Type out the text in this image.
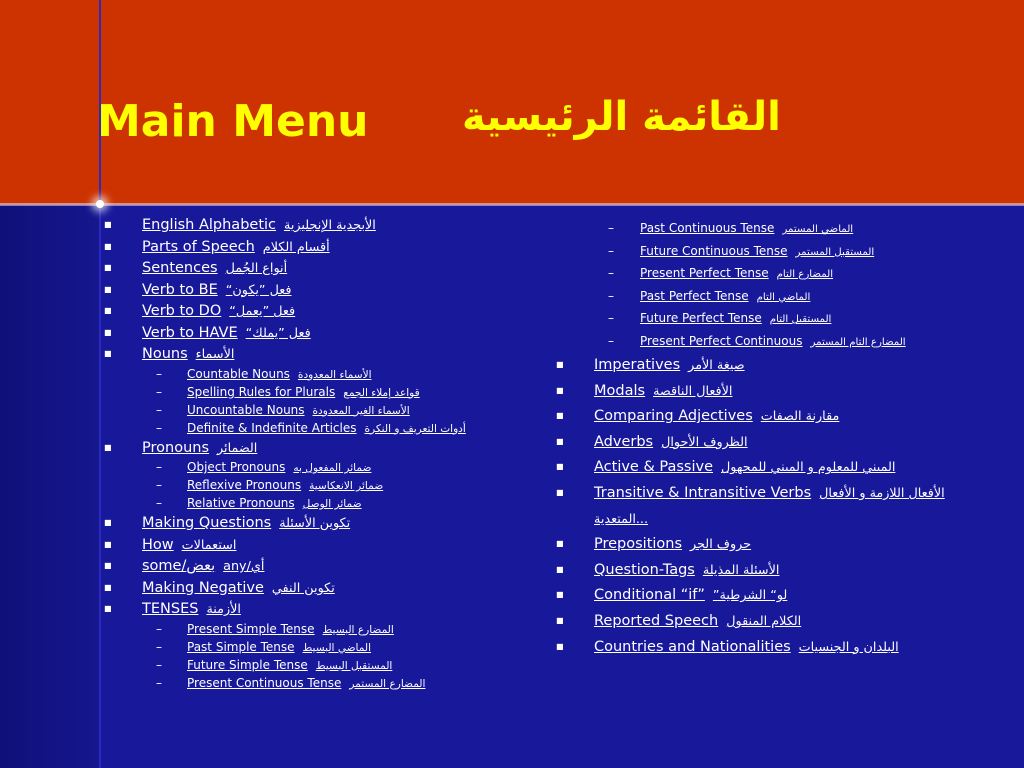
Main Menu القائمة الرئيسية
■ English Alphabetic الأبجدية الإنجليزية
■ Parts of Speech أقسام الكلام
■ Sentences أنواع الجُمل
■ Verb to BE “فعل ”يكون
■ Verb to DO “فعل ”يعمل
■ Verb to HAVE “فعل ”يملك
■ Nouns الأسماء
– Countable Nouns الأسماء المعدودة
– Spelling Rules for Plurals قواعد إملاء الجمع
– Uncountable Nouns الأسماء الغير المعدودة
– Definite & Indefinite Articles أدوات التعريف و النكرة
■ Pronouns الضمائر
– Object Pronouns ضمائر المفعول به
– Reflexive Pronouns ضمائر الانعكاسية
– Relative Pronouns ضمائر الوصل
■ Making Questions تكوين الأسئلة
■ How استعمالات
■ some/بعض any/أي
■ Making Negative تكوين النفي
■ TENSES الأزمنة
– Present Simple Tense المضارع البسيط
– Past Simple Tense الماضي البسيط
– Future Simple Tense المستقبل البسيط
– Present Continuous Tense المضارع المستمر
– Past Continuous Tense الماضي المستمر
– Future Continuous Tense المستقبل المستمر
– Present Perfect Tense المضارع التام
– Past Perfect Tense الماضي التام
– Future Perfect Tense المستقبل التام
– Present Perfect Continuous المضارع التام المستمر
■ Imperatives صيغة الأمر
■ Modals الأفعال الناقصة
■ Comparing Adjectives مقارنة الصفات
■ Adverbs الظروف الأحوال
■ Active & Passive المبني للمعلوم و المبني للمجهول
■ Transitive & Intransitive Verbs الأفعال اللازمة و الأفعال المتعدية...
■ Prepositions حروف الجر
■ Question-Tags الأسئلة المذيلة
■ Conditional “if” ”لو“ الشرطية
■ Reported Speech الكلام المنقول
■ Countries and Nationalities البلدان و الجنسيات
